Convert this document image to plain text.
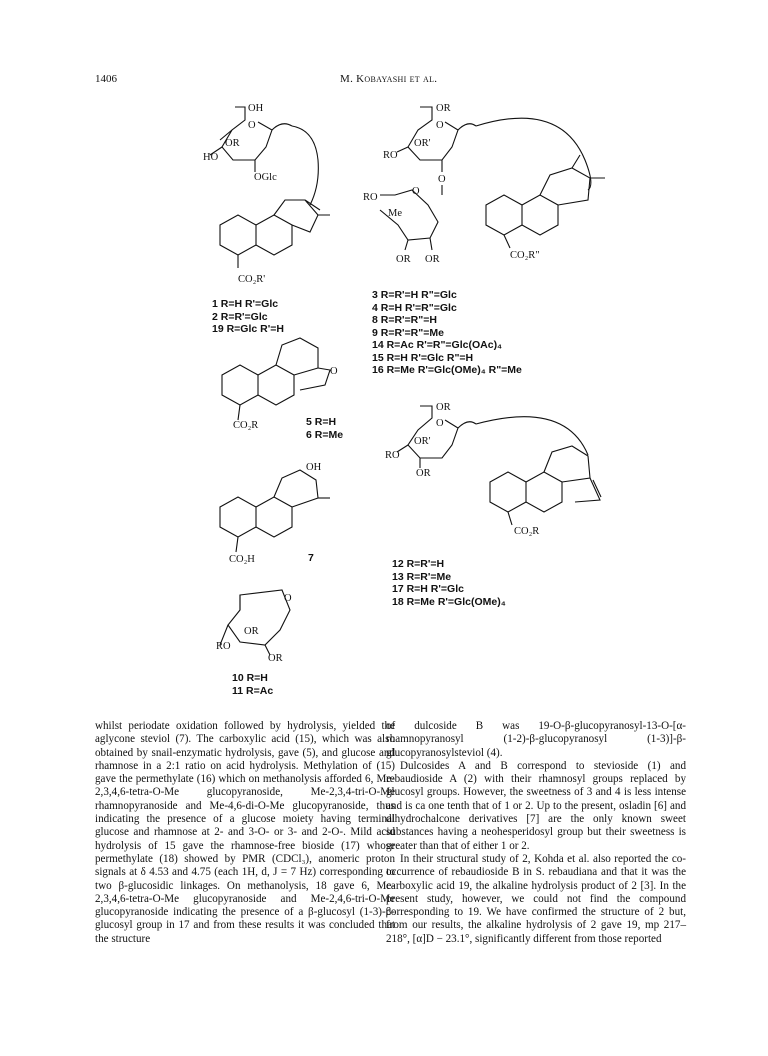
1406	M. Kobayashi et al.
OH
O
OR
HO
OGlc
CO₂R'
OR
O
OR'
RO
O
RO
O
Me
OR OR	CO₂R"
O
CO₂R
OH
CO₂H
O
OR
RO
OR
OR
O
OR'
RO
OR
CO₂R
1 R=H R'=Glc
2 R=R'=Glc
19 R=Glc R'=H
3 R=R'=H R"=Glc
4 R=H R'=R"=Glc
8 R=R'=R"=H
9 R=R'=R"=Me
14 R=Ac R'=R"=Glc(OAc)₄
15 R=H R'=Glc R"=H
16 R=Me R'=Glc(OMe)₄ R"=Me
5 R=H
6 R=Me
7
10 R=H
11 R=Ac
12 R=R'=H
13 R=R'=Me
17 R=H R'=Glc
18 R=Me R'=Glc(OMe)₄

whilst periodate oxidation followed by hydrolysis, yielded the aglycone steviol (7). The carboxylic acid (15), which was also obtained by snail-enzymatic hydrolysis, gave (5), and glucose and rhamnose in a 2:1 ratio on acid hydrolysis. Methylation of (15) gave the permethylate (16) which on methanolysis afforded 6, Me-2,3,4,6-tetra-O-Me glucopyranoside, Me-2,3,4-tri-O-Me rhamnopyranoside and Me-4,6-di-O-Me glucopyranoside, thus indicating the presence of a glucose moiety having terminal glucose and rhamnose at 2- and 3-O- or 3- and 2-O-. Mild acid hydrolysis of 15 gave the rhamnose-free bioside (17) whose permethylate (18) showed by PMR (CDCl₃), anomeric proton signals at δ 4.53 and 4.75 (each 1H, d, J = 7 Hz) corresponding to two β-glucosidic linkages. On methanolysis, 18 gave 6, Me-2,3,4,6-tetra-O-Me glucopyranoside and Me-2,4,6-tri-O-Me glucopyranoside indicating the presence of a β-glucosyl (1-3)-β-glucosyl group in 17 and from these results it was concluded that the structure

of dulcoside B was 19-O-β-glucopyranosyl-13-O-[α-rhamnopyranosyl (1-2)-β-glucopyranosyl (1-3)]-β-glucopyranosylsteviol (4).

Dulcosides A and B correspond to stevioside (1) and rebaudioside A (2) with their rhamnosyl groups replaced by glucosyl groups. However, the sweetness of 3 and 4 is less intense and is ca one tenth that of 1 or 2. Up to the present, osladin [6] and dihydrochalcone derivatives [7] are the only known sweet substances having a neohesperidosyl group but their sweetness is greater than that of either 1 or 2.

In their structural study of 2, Kohda et al. also reported the co-occurrence of rebaudioside B in S. rebaudiana and that it was the carboxylic acid 19, the alkaline hydrolysis product of 2 [3]. In the present study, however, we could not find the compound corresponding to 19. We have confirmed the structure of 2 but, from our results, the alkaline hydrolysis of 2 gave 19, mp 217–218°, [α]D − 23.1°, significantly different from those reported
